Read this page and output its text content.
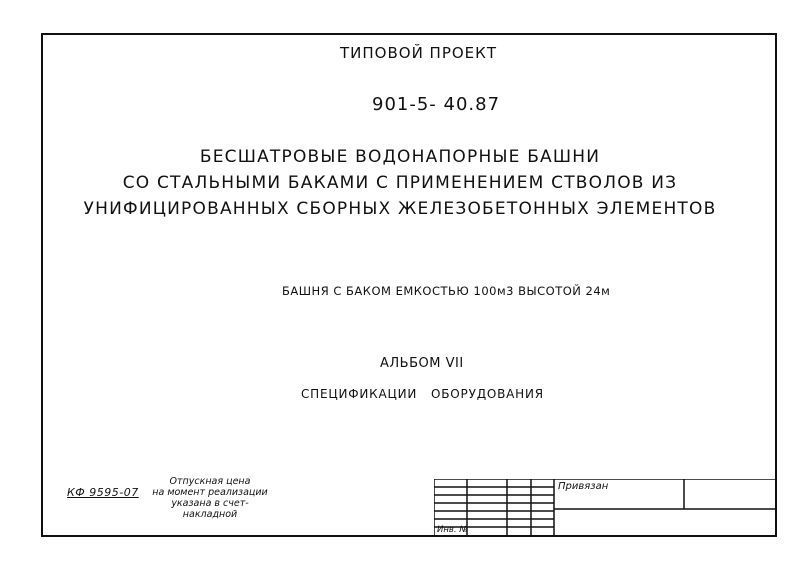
ТИПОВОЙ ПРОЕКТ
901-5- 40.87
БЕСШАТРОВЫЕ ВОДОНАПОРНЫЕ БАШНИ
СО СТАЛЬНЫМИ БАКАМИ С ПРИМЕНЕНИЕМ СТВОЛОВ ИЗ
УНИФИЦИРОВАННЫХ СБОРНЫХ ЖЕЛЕЗОБЕТОННЫХ ЭЛЕМЕНТОВ
БАШНЯ С БАКОМ ЕМКОСТЬЮ 100м3 ВЫСОТОЙ 24м
АЛЬБОМ VII
СПЕЦИФИКАЦИИ   ОБОРУДОВАНИЯ
КФ 9595-07
Отпускная цена
на момент реализации
указана в счет-накладной
Привязан
Инв. №
